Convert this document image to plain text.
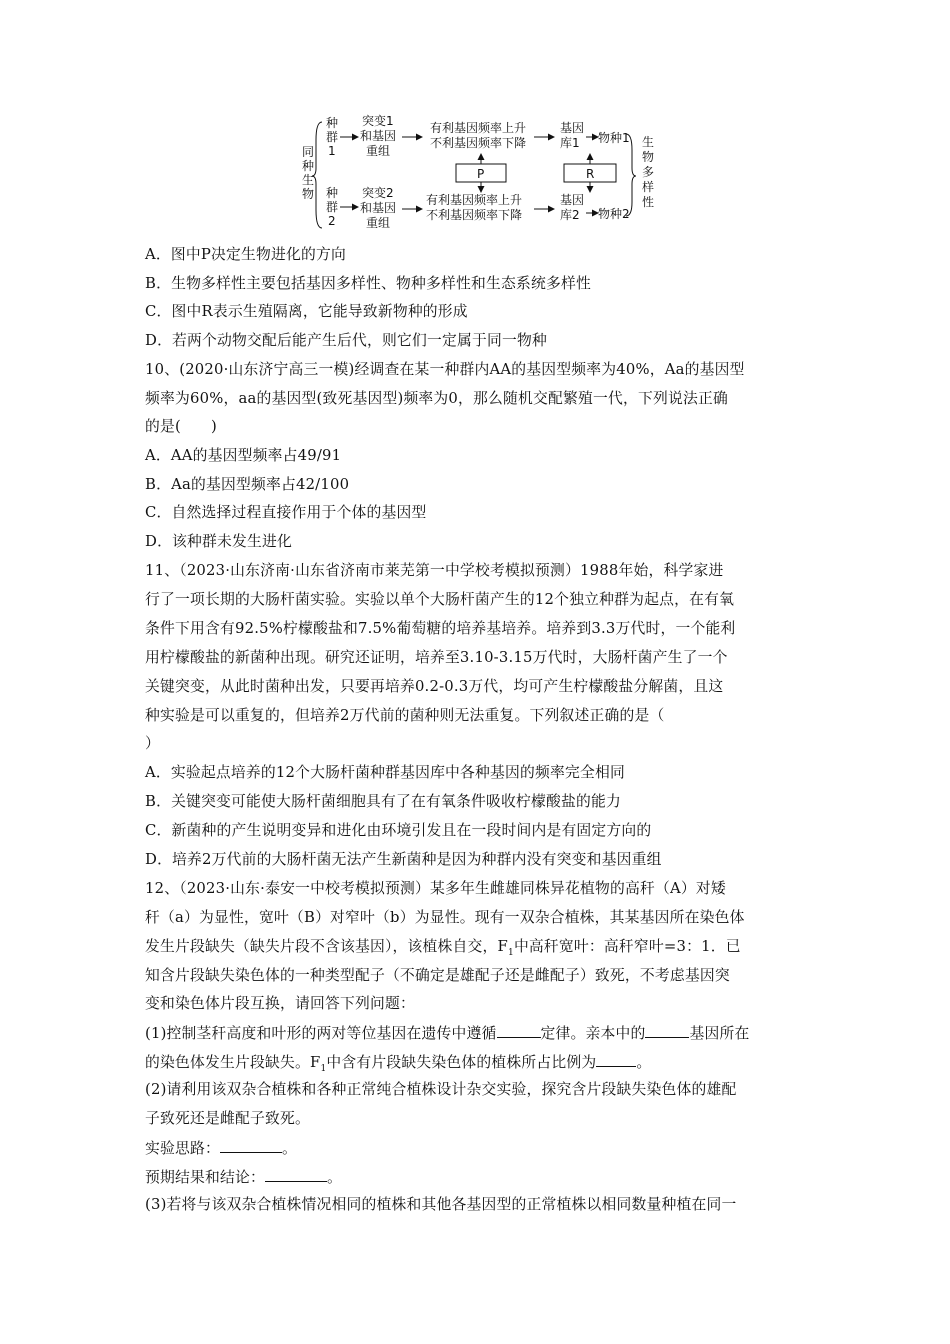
同
种
生
物
种
群
1
突变1
和基因
重组
有利基因频率上升
不利基因频率下降
基因
库1 物种1
P	R
种
群
2
突变2
和基因
重组
有利基因频率上升
不利基因频率下降
基因
库2 物种2
生
物
多
样
性
A．图中P决定生物进化的方向
B．生物多样性主要包括基因多样性、物种多样性和生态系统多样性
C．图中R表示生殖隔离，它能导致新物种的形成
D．若两个动物交配后能产生后代，则它们一定属于同一物种
10、(2020·山东济宁高三一模)经调查在某一种群内AA的基因型频率为40%，Aa的基因型
频率为60%，aa的基因型(致死基因型)频率为0，那么随机交配繁殖一代，下列说法正确
的是(　　)
A．AA的基因型频率占49/91
B．Aa的基因型频率占42/100
C．自然选择过程直接作用于个体的基因型
D．该种群未发生进化
11、（2023·山东济南·山东省济南市莱芜第一中学校考模拟预测）1988年始，科学家进
行了一项长期的大肠杆菌实验。实验以单个大肠杆菌产生的12个独立种群为起点，在有氧
条件下用含有92.5%柠檬酸盐和7.5%葡萄糖的培养基培养。培养到3.3万代时，一个能利
用柠檬酸盐的新菌种出现。研究还证明，培养至3.10-3.15万代时，大肠杆菌产生了一个
关键突变，从此时菌种出发，只要再培养0.2-0.3万代，均可产生柠檬酸盐分解菌，且这
种实验是可以重复的，但培养2万代前的菌种则无法重复。下列叙述正确的是（
）
A．实验起点培养的12个大肠杆菌种群基因库中各种基因的频率完全相同
B．关键突变可能使大肠杆菌细胞具有了在有氧条件吸收柠檬酸盐的能力
C．新菌种的产生说明变异和进化由环境引发且在一段时间内是有固定方向的
D．培养2万代前的大肠杆菌无法产生新菌种是因为种群内没有突变和基因重组
12、（2023·山东·泰安一中校考模拟预测）某多年生雌雄同株异花植物的高秆（A）对矮
秆（a）为显性，宽叶（B）对窄叶（b）为显性。现有一双杂合植株，其某基因所在染色体
发生片段缺失（缺失片段不含该基因），该植株自交，$F_1$中高秆宽叶：高秆窄叶=3：1．已
知含片段缺失染色体的一种类型配子（不确定是雄配子还是雌配子）致死，不考虑基因突
变和染色体片段互换，请回答下列问题：
(1)控制茎秆高度和叶形的两对等位基因在遗传中遵循	定律。亲本中的	基因所在
的染色体发生片段缺失。$F_1$中含有片段缺失染色体的植株所占比例为	。
(2)请利用该双杂合植株和各种正常纯合植株设计杂交实验，探究含片段缺失染色体的雄配
子致死还是雌配子致死。
实验思路：	。
预期结果和结论：	。
(3)若将与该双杂合植株情况相同的植株和其他各基因型的正常植株以相同数量种植在同一
